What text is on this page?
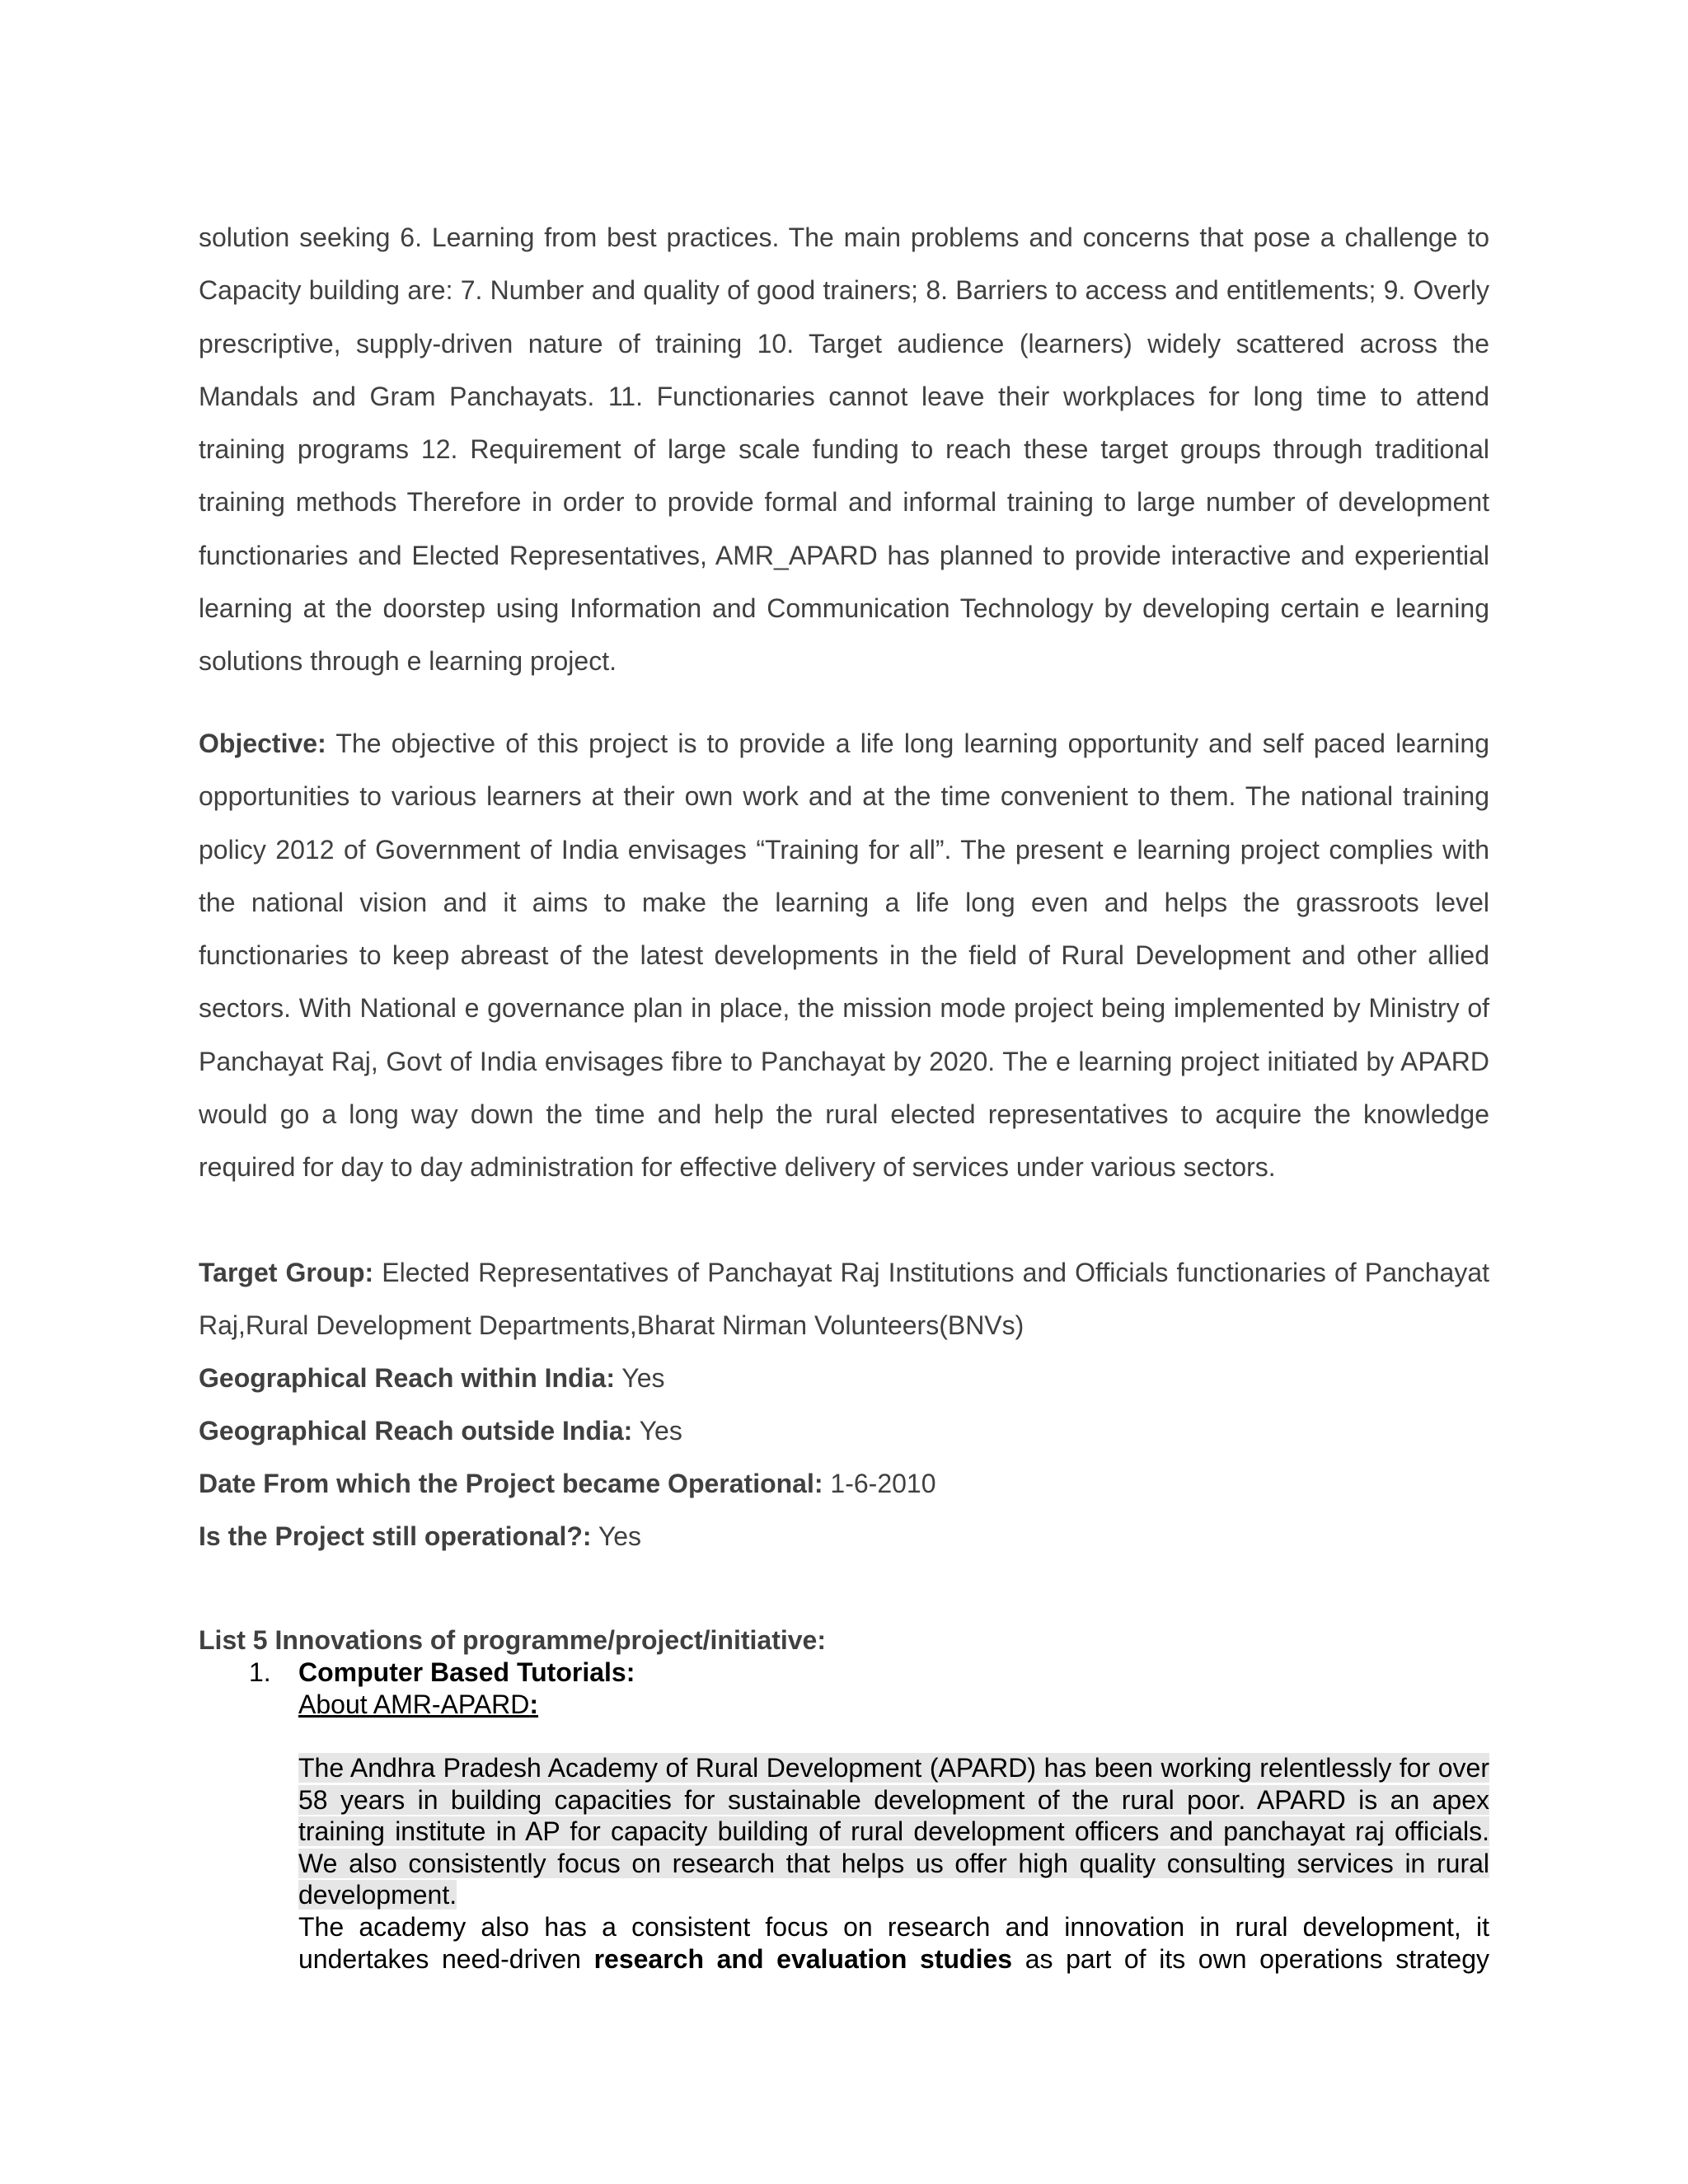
solution seeking 6. Learning from best practices. The main problems and concerns that pose a challenge to Capacity building are: 7. Number and quality of good trainers; 8. Barriers to access and entitlements; 9. Overly prescriptive, supply-driven nature of training 10. Target audience (learners) widely scattered across the Mandals and Gram Panchayats. 11. Functionaries cannot leave their workplaces for long time to attend training programs 12. Requirement of large scale funding to reach these target groups through traditional training methods Therefore in order to provide formal and informal training to large number of development functionaries and Elected Representatives, AMR_APARD has planned to provide interactive and experiential learning at the doorstep using Information and Communication Technology by developing certain e learning solutions through e learning project.

Objective: The objective of this project is to provide a life long learning opportunity and self paced learning opportunities to various learners at their own work and at the time convenient to them. The national training policy 2012 of Government of India envisages “Training for all”. The present e learning project complies with the national vision and it aims to make the learning a life long even and helps the grassroots level functionaries to keep abreast of the latest developments in the field of Rural Development and other allied sectors. With National e governance plan in place, the mission mode project being implemented by Ministry of Panchayat Raj, Govt of India envisages fibre to Panchayat by 2020. The e learning project initiated by APARD would go a long way down the time and help the rural elected representatives to acquire the knowledge required for day to day administration for effective delivery of services under various sectors.

Target Group: Elected Representatives of Panchayat Raj Institutions and Officials functionaries of Panchayat Raj,Rural Development Departments,Bharat Nirman Volunteers(BNVs)

Geographical Reach within India: Yes

Geographical Reach outside India: Yes

Date From which the Project became Operational: 1-6-2010

Is the Project still operational?: Yes

List 5 Innovations of programme/project/initiative:

1. Computer Based Tutorials:
About AMR-APARD:

The Andhra Pradesh Academy of Rural Development (APARD) has been working relentlessly for over 58 years in building capacities for sustainable development of the rural poor. APARD is an apex training institute in AP for capacity building of rural development officers and panchayat raj officials. We also consistently focus on research that helps us offer high quality consulting services in rural development.

The academy also has a consistent focus on research and innovation in rural development, it undertakes need-driven research and evaluation studies as part of its own operations strategy
